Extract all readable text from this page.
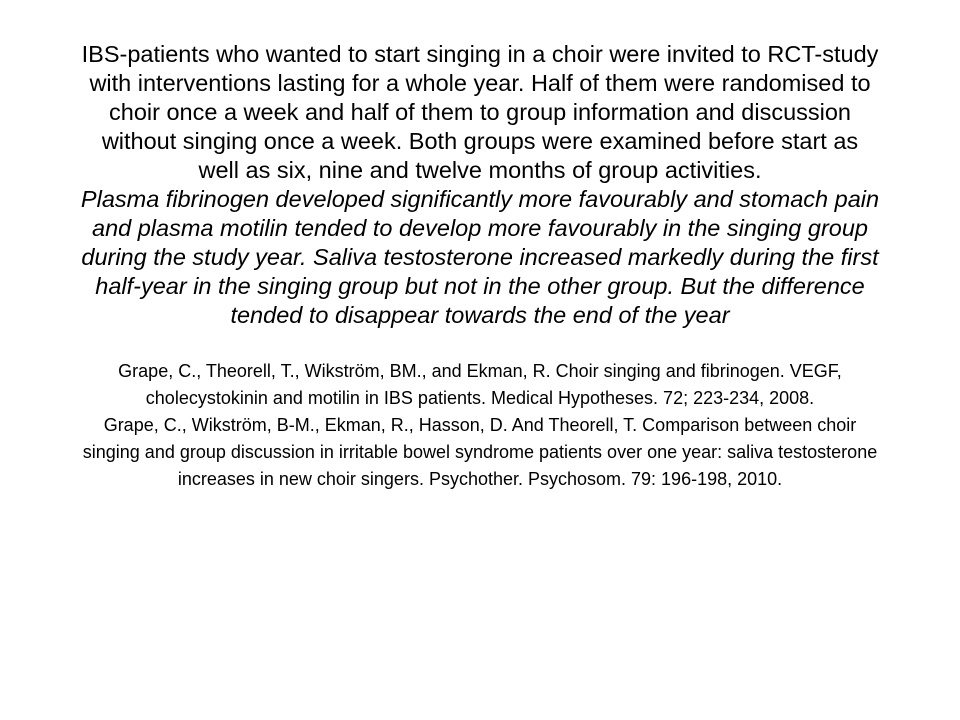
IBS-patients who wanted to start singing in a choir were invited to RCT-study with interventions lasting for a whole year. Half of them were randomised to choir once a week and half of them to group information and discussion without singing once a week. Both groups were examined before start as well as six, nine and twelve months of group activities.

Plasma fibrinogen developed significantly more favourably and stomach pain and plasma motilin tended to develop more favourably in the singing group during the study year. Saliva testosterone increased markedly during the first half-year in the singing group but not in the other group. But the difference tended to disappear towards the end of the year

Grape, C., Theorell, T., Wikström, BM., and Ekman, R. Choir singing and fibrinogen. VEGF, cholecystokinin and motilin in IBS patients. Medical Hypotheses. 72; 223-234, 2008.

Grape, C., Wikström, B-M., Ekman, R., Hasson, D. And Theorell, T. Comparison between choir singing and group discussion in irritable bowel syndrome patients over one year: saliva testosterone increases in new choir singers. Psychother. Psychosom. 79: 196-198, 2010.
